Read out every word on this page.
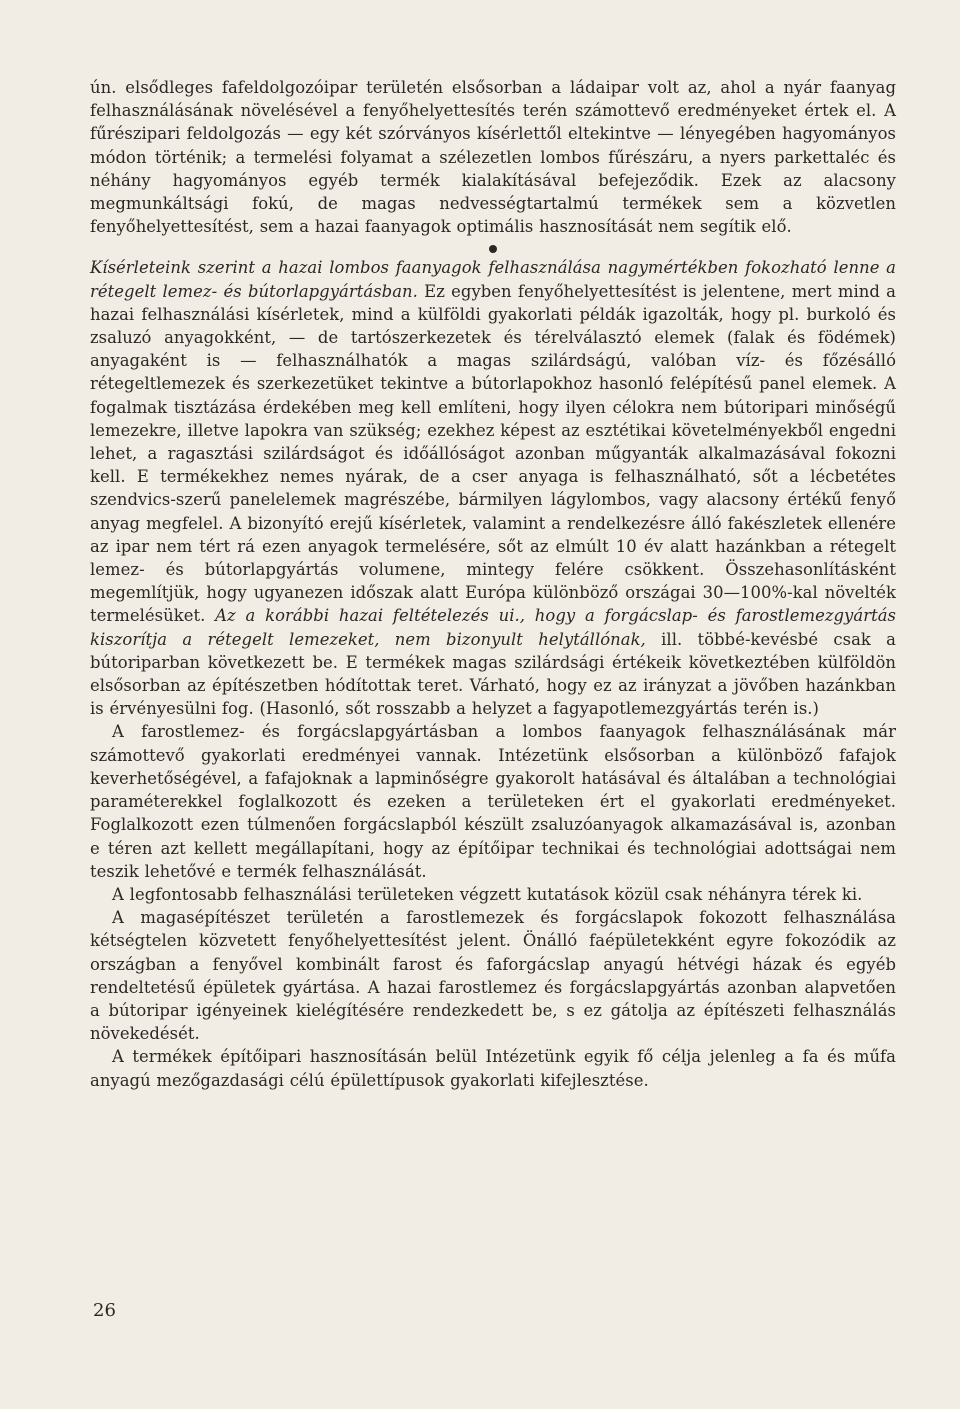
ún. elsődleges fafeldolgozóipar területén elsősorban a ládaipar volt az, ahol a nyár faanyag felhasználásának növelésével a fenyőhelyettesítés terén számottevő eredményeket értek el. A fűrészipari feldolgozás — egy két szórványos kísérlettől eltekintve — lényegében hagyományos módon történik; a termelési folyamat a szélezetlen lombos fűrészáru, a nyers parkettaléc és néhány hagyományos egyéb termék kialakításával befejeződik. Ezek az alacsony megmunkáltsági fokú, de magas nedvességtartalmú termékek sem a közvetlen fenyőhelyettesítést, sem a hazai faanyagok optimális hasznosítását nem segítik elő.

Kísérleteink szerint a hazai lombos faanyagok felhasználása nagymértékben fokozható lenne a rétegelt lemez- és bútorlapgyártásban. Ez egyben fenyőhelyettesítést is jelentene, mert mind a hazai felhasználási kísérletek, mind a külföldi gyakorlati példák igazolták, hogy pl. burkoló és zsaluzó anyagokként, — de tartószerkezetek és térelválasztó elemek (falak és födémek) anyagaként is — felhasználhatók a magas szilárdságú, valóban víz- és főzésálló rétegeltlemezek és szerkezetüket tekintve a bútorlapokhoz hasonló felépítésű panel elemek. A fogalmak tisztázása érdekében meg kell említeni, hogy ilyen célokra nem bútoripari minőségű lemezekre, illetve lapokra van szükség; ezekhez képest az esztétikai követelményekből engedni lehet, a ragasztási szilárdságot és időállóságot azonban műgyanták alkalmazásával fokozni kell. E termékekhez nemes nyárak, de a cser anyaga is felhasználható, sőt a lécbetétes szendvics-szerű panelelemek magrészébe, bármilyen lágylombos, vagy alacsony értékű fenyő anyag megfelel. A bizonyító erejű kísérletek, valamint a rendelkezésre álló fakészletek ellenére az ipar nem tért rá ezen anyagok termelésére, sőt az elmúlt 10 év alatt hazánkban a rétegelt lemez- és bútorlapgyártás volumene, mintegy felére csökkent. Összehasonlításként megemlítjük, hogy ugyanezen időszak alatt Európa különböző országai 30—100%-kal növelték termelésüket. Az a korábbi hazai feltételezés ui., hogy a forgácslap- és farostlemezgyártás kiszorítja a rétegelt lemezeket, nem bizonyult helytállónak, ill. többé-kevésbé csak a bútoriparban következett be. E termékek magas szilárdsági értékeik következtében külföldön elsősorban az építészetben hódítottak teret. Várható, hogy ez az irányzat a jövőben hazánkban is érvényesülni fog. (Hasonló, sőt rosszabb a helyzet a fagyapotlemezgyártás terén is.)

A farostlemez- és forgácslapgyártásban a lombos faanyagok felhasználásának már számottevő gyakorlati eredményei vannak. Intézetünk elsősorban a különböző fafajok keverhetőségével, a fafajoknak a lapminőségre gyakorolt hatásával és általában a technológiai paraméterekkel foglalkozott és ezeken a területeken ért el gyakorlati eredményeket. Foglalkozott ezen túlmenően forgácslapból készült zsaluzóanyagok alkamazásával is, azonban e téren azt kellett megállapítani, hogy az építőipar technikai és technológiai adottságai nem teszik lehetővé e termék felhasználását.

A legfontosabb felhasználási területeken végzett kutatások közül csak néhányra térek ki.

A magasépítészet területén a farostlemezek és forgácslapok fokozott felhasználása kétségtelen közvetett fenyőhelyettesítést jelent. Önálló faépületekként egyre fokozódik az országban a fenyővel kombinált farost és faforgácslap anyagú hétvégi házak és egyéb rendeltetésű épületek gyártása. A hazai farostlemez és forgácslapgyártás azonban alapvetően a bútoripar igényeinek kielégítésére rendezkedett be, s ez gátolja az építészeti felhasználás növekedését.

A termékek építőipari hasznosításán belül Intézetünk egyik fő célja jelenleg a fa és műfa anyagú mezőgazdasági célú épülettípusok gyakorlati kifejlesztése.

26
